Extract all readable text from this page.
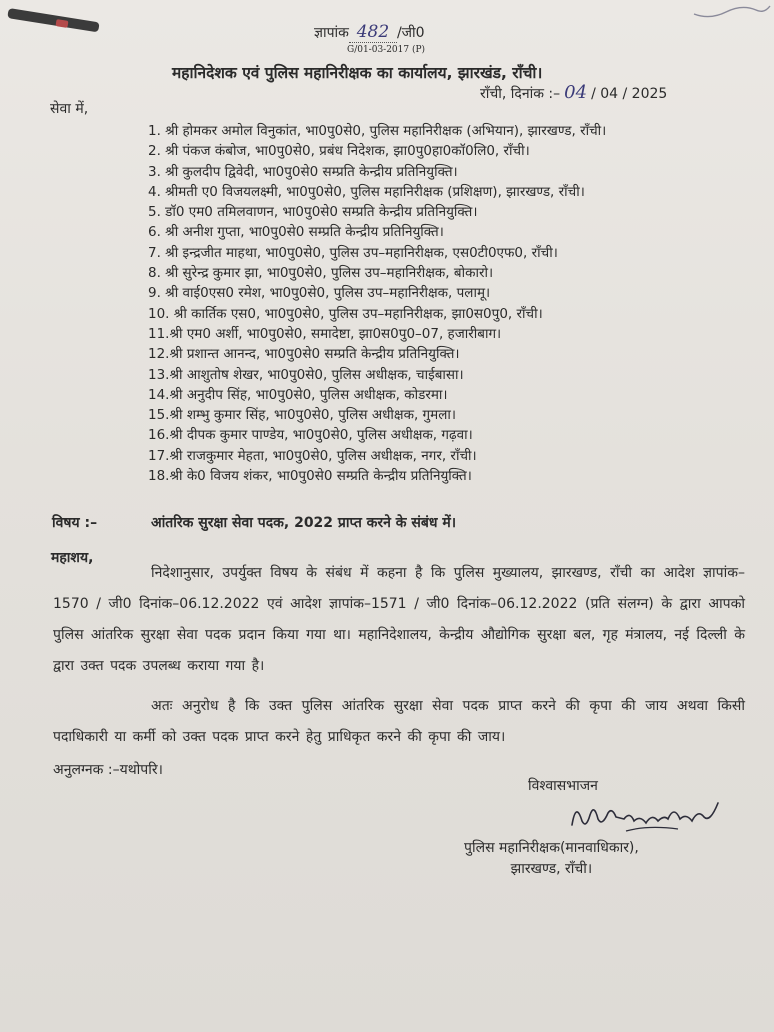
ज्ञापांक 482 /जी0
G/01-03-2017 (P)
महानिदेशक एवं पुलिस महानिरीक्षक का कार्यालय, झारखंड, राँची।
राँची, दिनांक :– 04 / 04 / 2025
सेवा में,
1. श्री होमकर अमोल विनुकांत, भा0पु0से0, पुलिस महानिरीक्षक (अभियान), झारखण्ड, राँची।
2. श्री पंकज कंबोज, भा0पु0से0, प्रबंध निदेशक, झा0पु0हा0कॉ0लि0, राँची।
3. श्री कुलदीप द्विवेदी, भा0पु0से0 सम्प्रति केन्द्रीय प्रतिनियुक्ति।
4. श्रीमती ए0 विजयलक्ष्मी, भा0पु0से0, पुलिस महानिरीक्षक (प्रशिक्षण), झारखण्ड, राँची।
5. डॉ0 एम0 तमिलवाणन, भा0पु0से0 सम्प्रति केन्द्रीय प्रतिनियुक्ति।
6. श्री अनीश गुप्ता, भा0पु0से0 सम्प्रति केन्द्रीय प्रतिनियुक्ति।
7. श्री इन्द्रजीत माहथा, भा0पु0से0, पुलिस उप–महानिरीक्षक, एस0टी0एफ0, राँची।
8. श्री सुरेन्द्र कुमार झा, भा0पु0से0, पुलिस उप–महानिरीक्षक, बोकारो।
9. श्री वाई0एस0 रमेश, भा0पु0से0, पुलिस उप–महानिरीक्षक, पलामू।
10. श्री कार्तिक एस0, भा0पु0से0, पुलिस उप–महानिरीक्षक, झा0स0पु0, राँची।
11.श्री एम0 अर्शी, भा0पु0से0, समादेष्टा, झा0स0पु0–07, हजारीबाग।
12.श्री प्रशान्त आनन्द, भा0पु0से0 सम्प्रति केन्द्रीय प्रतिनियुक्ति।
13.श्री आशुतोष शेखर, भा0पु0से0, पुलिस अधीक्षक, चाईबासा।
14.श्री अनुदीप सिंह, भा0पु0से0, पुलिस अधीक्षक, कोडरमा।
15.श्री शम्भु कुमार सिंह, भा0पु0से0, पुलिस अधीक्षक, गुमला।
16.श्री दीपक कुमार पाण्डेय, भा0पु0से0, पुलिस अधीक्षक, गढ़वा।
17.श्री राजकुमार मेहता, भा0पु0से0, पुलिस अधीक्षक, नगर, राँची।
18.श्री के0 विजय शंकर, भा0पु0से0 सम्प्रति केन्द्रीय प्रतिनियुक्ति।
विषय :–	आंतरिक सुरक्षा सेवा पदक, 2022 प्राप्त करने के संबंध में।
महाशय,

निदेशानुसार, उपर्युक्त विषय के संबंध में कहना है कि पुलिस मुख्यालय, झारखण्ड, राँची का आदेश ज्ञापांक–1570 / जी0 दिनांक–06.12.2022 एवं आदेश ज्ञापांक–1571 / जी0 दिनांक–06.12.2022 (प्रति संलग्न) के द्वारा आपको पुलिस आंतरिक सुरक्षा सेवा पदक प्रदान किया गया था। महानिदेशालय, केन्द्रीय औद्योगिक सुरक्षा बल, गृह मंत्रालय, नई दिल्ली के द्वारा उक्त पदक उपलब्ध कराया गया है।

अतः अनुरोध है कि उक्त पुलिस आंतरिक सुरक्षा सेवा पदक प्राप्त करने की कृपा की जाय अथवा किसी पदाधिकारी या कर्मी को उक्त पदक प्राप्त करने हेतु प्राधिकृत करने की कृपा की जाय।

अनुलग्नक :–यथोपरि।
विश्वासभाजन
पुलिस महानिरीक्षक(मानवाधिकार),
झारखण्ड, राँची।
